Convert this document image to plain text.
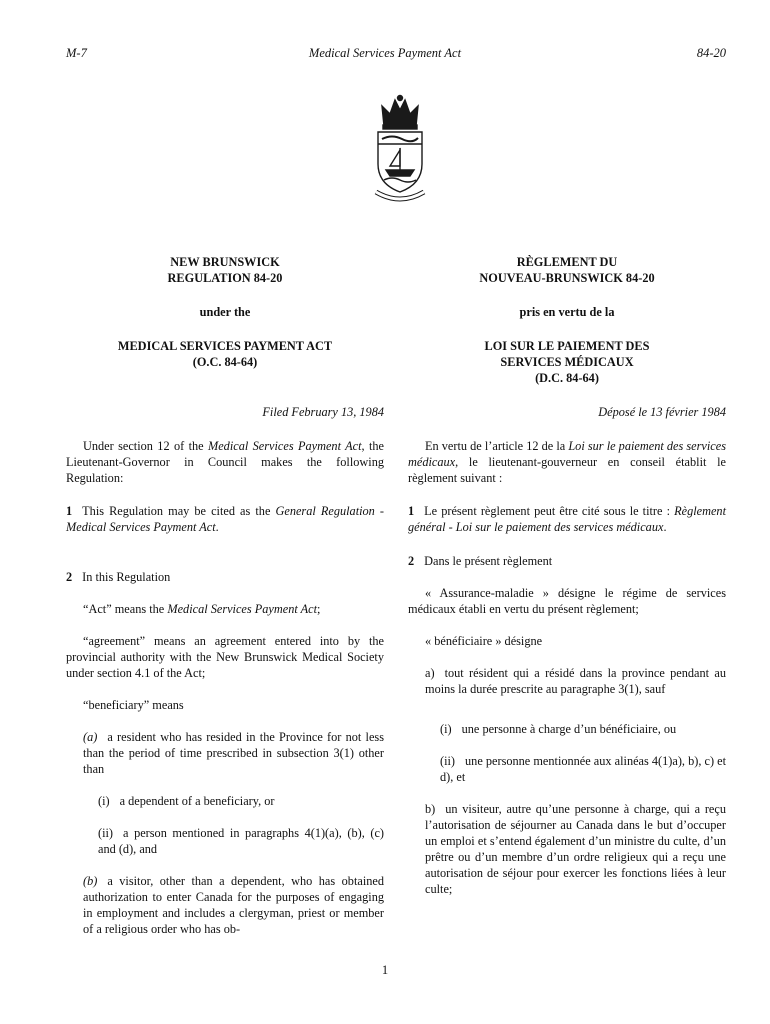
M-7	Medical Services Payment Act	84-20
NEW BRUNSWICK
REGULATION 84-20
under the
MEDICAL SERVICES PAYMENT ACT
(O.C. 84-64)
Filed February 13, 1984

Under section 12 of the Medical Services Payment Act, the Lieutenant-Governor in Council makes the following Regulation:

1 This Regulation may be cited as the General Regulation - Medical Services Payment Act.

2 In this Regulation

“Act” means the Medical Services Payment Act;

“agreement” means an agreement entered into by the provincial authority with the New Brunswick Medical Society under section 4.1 of the Act;

“beneficiary” means

(a) a resident who has resided in the Province for not less than the period of time prescribed in subsection 3(1) other than

(i) a dependent of a beneficiary, or

(ii) a person mentioned in paragraphs 4(1)(a), (b), (c) and (d), and

(b) a visitor, other than a dependent, who has obtained authorization to enter Canada for the purposes of engaging in employment and includes a clergyman, priest or member of a religious order who has ob-

RÈGLEMENT DU
NOUVEAU-BRUNSWICK 84-20
pris en vertu de la
LOI SUR LE PAIEMENT DES
SERVICES MÉDICAUX
(D.C. 84-64)
Déposé le 13 février 1984

En vertu de l’article 12 de la Loi sur le paiement des services médicaux, le lieutenant-gouverneur en conseil établit le règlement suivant :

1 Le présent règlement peut être cité sous le titre : Règlement général - Loi sur le paiement des services médicaux.

2 Dans le présent règlement

« Assurance-maladie » désigne le régime de services médicaux établi en vertu du présent règlement;

« bénéficiaire » désigne

a) tout résident qui a résidé dans la province pendant au moins la durée prescrite au paragraphe 3(1), sauf

(i) une personne à charge d’un bénéficiaire, ou

(ii) une personne mentionnée aux alinéas 4(1)a), b), c) et d), et

b) un visiteur, autre qu’une personne à charge, qui a reçu l’autorisation de séjourner au Canada dans le but d’occuper un emploi et s’entend également d’un ministre du culte, d’un prêtre ou d’un membre d’un ordre religieux qui a reçu une autorisation de séjour pour exercer les fonctions liées à leur culte;

1
